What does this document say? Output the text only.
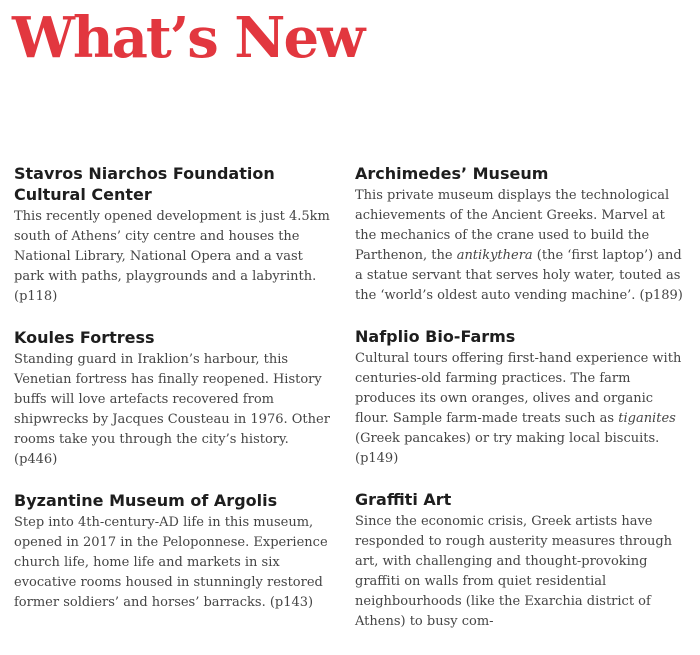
What’s New
Stavros Niarchos Foundation Cultural Center

This recently opened development is just 4.5km south of Athens’ city centre and houses the National Library, National Opera and a vast park with paths, playgrounds and a labyrinth. (p118)

Koules Fortress

Standing guard in Iraklion’s harbour, this Venetian fortress has finally reopened. History buffs will love artefacts recovered from shipwrecks by Jacques Cousteau in 1976. Other rooms take you through the city’s history. (p446)

Byzantine Museum of Argolis

Step into 4th-century-AD life in this museum, opened in 2017 in the Peloponnese. Experience church life, home life and markets in six evocative rooms housed in stunningly restored former soldiers’ and horses’ barracks. (p143)

Archimedes’ Museum

This private museum displays the technological achievements of the Ancient Greeks. Marvel at the mechanics of the crane used to build the Parthenon, the antikythera (the ‘first laptop’) and a statue servant that serves holy water, touted as the ‘world’s oldest auto vending machine’. (p189)

Nafplio Bio-Farms

Cultural tours offering first-hand experience with centuries-old farming practices. The farm produces its own oranges, olives and organic flour. Sample farm-made treats such as tiganites (Greek pancakes) or try making local biscuits. (p149)

Graffiti Art

Since the economic crisis, Greek artists have responded to rough austerity measures through art, with challenging and thought-provoking graffiti on walls from quiet residential neighbourhoods (like the Exarchia district of Athens) to busy com-
